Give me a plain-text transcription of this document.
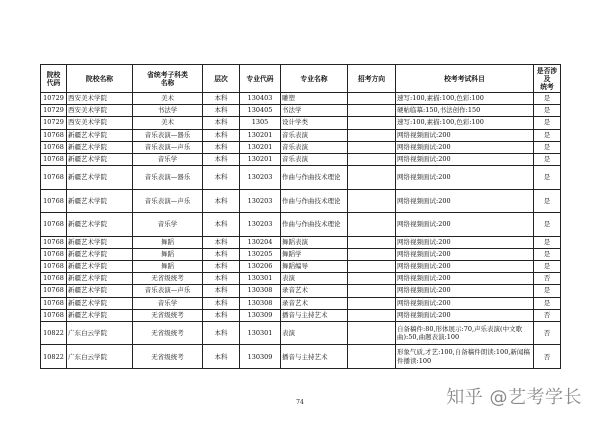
院校
代码	院校名称	省统考子科类
名称	层次	专业代码	专业名称	招考方向	校考考试科目	是否涉及
统考
10729	西安美术学院	美术	本科	130403	雕塑		速写:100,素描:100,色彩:100	是
10729	西安美术学院	书法学	本科	130405	书法学		硬帖临摹:150,书法创作:150	是
10729	西安美术学院	美术	本科	1305	设计学类		速写:100,素描:100,色彩:100	是
10768	新疆艺术学院	音乐表演—器乐	本科	130201	音乐表演		网络视频面试:200	是
10768	新疆艺术学院	音乐表演—声乐	本科	130201	音乐表演		网络视频面试:200	是
10768	新疆艺术学院	音乐学	本科	130201	音乐表演		网络视频面试:200	是
10768	新疆艺术学院	音乐表演—器乐	本科	130203	作曲与作曲技术理论		网络视频面试:200	是
10768	新疆艺术学院	音乐表演—声乐	本科	130203	作曲与作曲技术理论		网络视频面试:200	是
10768	新疆艺术学院	音乐学	本科	130203	作曲与作曲技术理论		网络视频面试:200	是
10768	新疆艺术学院	舞蹈	本科	130204	舞蹈表演		网络视频面试:200	是
10768	新疆艺术学院	舞蹈	本科	130205	舞蹈学		网络视频面试:200	是
10768	新疆艺术学院	舞蹈	本科	130206	舞蹈编导		网络视频面试:200	是
10768	新疆艺术学院	无省级统考	本科	130301	表演		网络视频面试:200	否
10768	新疆艺术学院	音乐表演—声乐	本科	130308	录音艺术		网络视频面试:200	是
10768	新疆艺术学院	音乐学	本科	130308	录音艺术		网络视频面试:200	是
10768	新疆艺术学院	无省级统考	本科	130309	播音与主持艺术		网络视频面试:200	否
10822	广东白云学院	无省级统考	本科	130301	表演		自备稿件:80,形体展示:70,声乐表演(中文歌曲):50,曲题表演:100	否
10822	广东白云学院	无省级统考	本科	130309	播音与主持艺术		形象气质,才艺:100,自备稿件朗读:100,新闻稿件播读:100	否
74	知乎 @艺考学长
